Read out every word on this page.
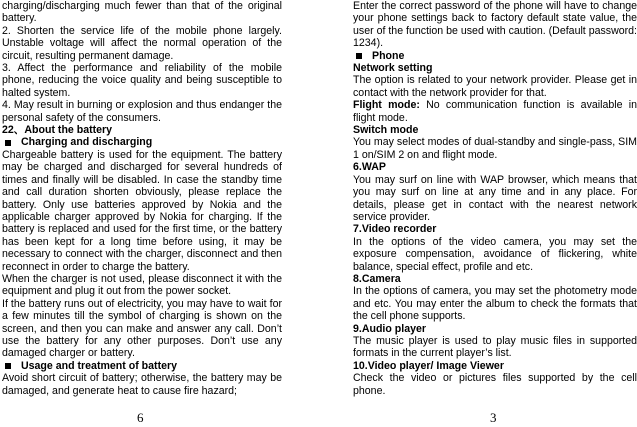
charging/discharging much fewer than that of the original battery.

2. Shorten the service life of the mobile phone largely. Unstable voltage will affect the normal operation of the circuit, resulting permanent damage.

3. Affect the performance and reliability of the mobile phone, reducing the voice quality and being susceptible to halted system.

4. May result in burning or explosion and thus endanger the personal safety of the consumers.

22、About the battery

Charging and discharging

Chargeable battery is used for the equipment. The battery may be charged and discharged for several hundreds of times and finally will be disabled. In case the standby time and call duration shorten obviously, please replace the battery. Only use batteries approved by Nokia and the applicable charger approved by Nokia for charging. If the battery is replaced and used for the first time, or the battery has been kept for a long time before using, it may be necessary to connect with the charger, disconnect and then reconnect in order to charge the battery.

When the charger is not used, please disconnect it with the equipment and plug it out from the power socket.

If the battery runs out of electricity, you may have to wait for a few minutes till the symbol of charging is shown on the screen, and then you can make and answer any call. Don’t use the battery for any other purposes. Don’t use any damaged charger or battery.

Usage and treatment of battery

Avoid short circuit of battery; otherwise, the battery may be damaged, and generate heat to cause fire hazard;

Enter the correct password of the phone will have to change your phone settings back to factory default state value, the user of the function be used with caution. (Default password: 1234).

Phone

Network setting

The option is related to your network provider. Please get in contact with the network provider for that.

Flight mode: No communication function is available in flight mode.

Switch mode

You may select modes of dual-standby and single-pass, SIM 1 on/SIM 2 on and flight mode.

6.WAP

You may surf on line with WAP browser, which means that you may surf on line at any time and in any place. For details, please get in contact with the nearest network service provider.

7.Video recorder

In the options of the video camera, you may set the exposure compensation, avoidance of flickering, white balance, special effect, profile and etc.

8.Camera

In the options of camera, you may set the photometry mode and etc. You may enter the album to check the formats that the cell phone supports.

9.Audio player

The music player is used to play music files in supported formats in the current player’s list.

10.Video player/ Image Viewer

Check the video or pictures files supported by the cell phone.

6	3
